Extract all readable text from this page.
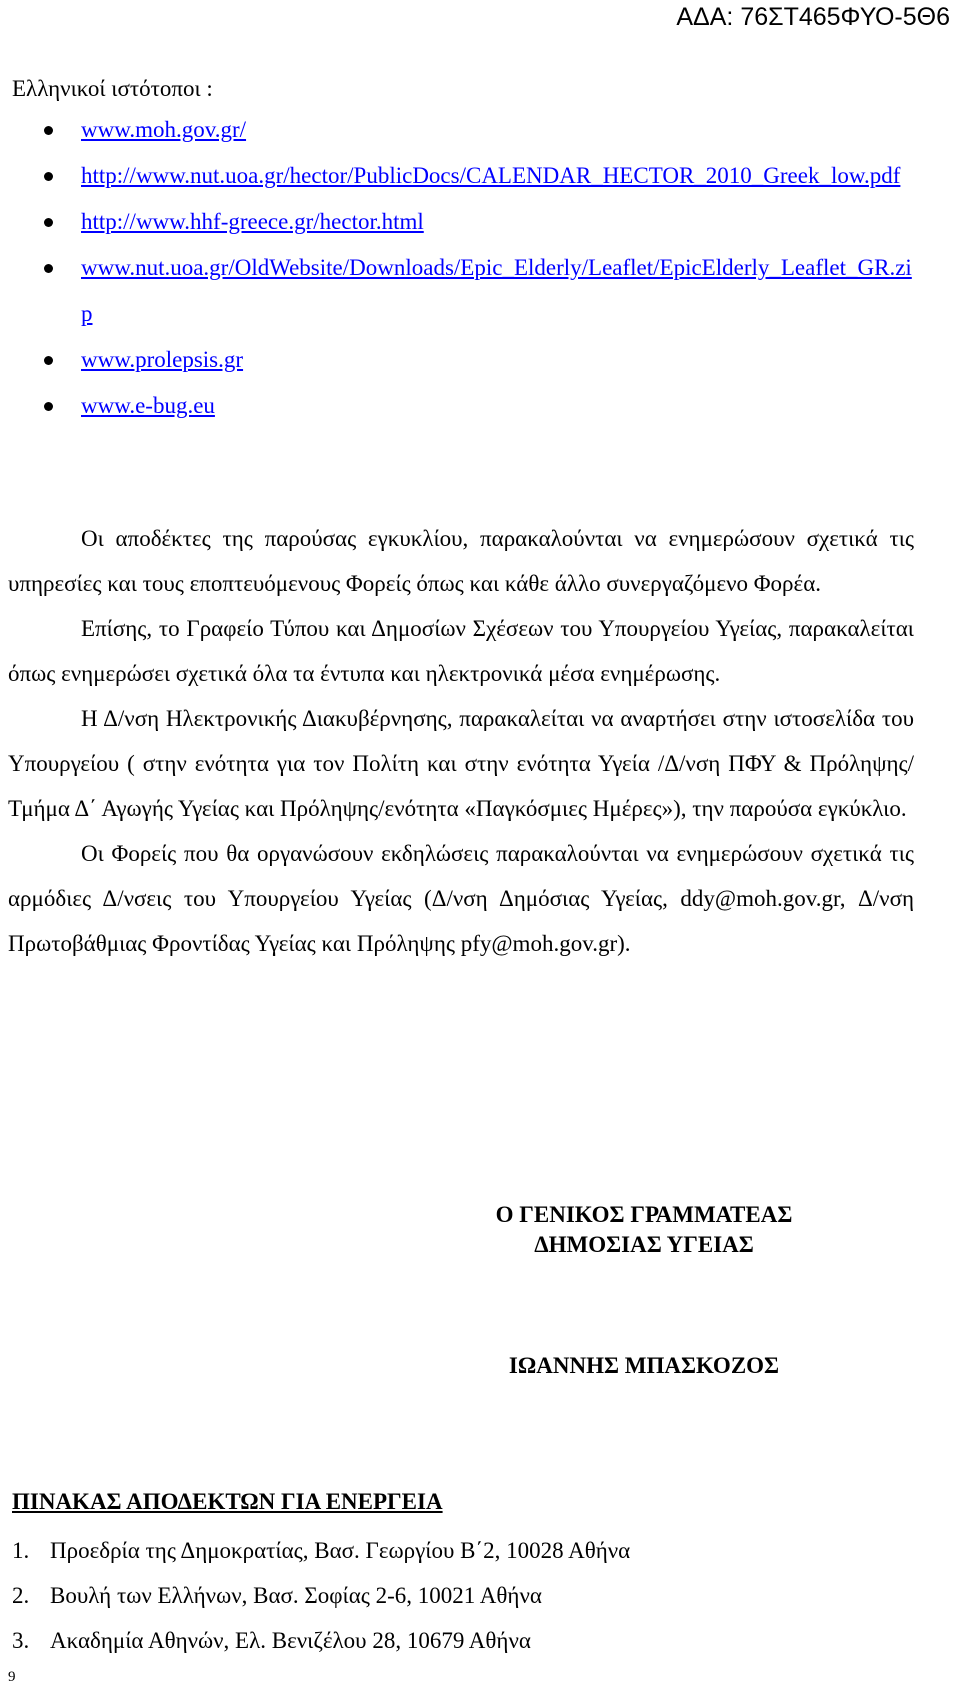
ΑΔΑ: 76ΣΤ465ΦΥΟ-5Θ6
Ελληνικοί ιστότοποι :
www.moh.gov.gr/
http://www.nut.uoa.gr/hector/PublicDocs/CALENDAR_HECTOR_2010_Greek_low.pdf
http://www.hhf-greece.gr/hector.html
www.nut.uoa.gr/OldWebsite/Downloads/Epic_Elderly/Leaflet/EpicElderly_Leaflet_GR.zip
www.prolepsis.gr
www.e-bug.eu

Οι αποδέκτες της παρούσας εγκυκλίου, παρακαλούνται να ενημερώσουν σχετικά τις υπηρεσίες και τους εποπτευόμενους Φορείς όπως και κάθε άλλο συνεργαζόμενο Φορέα.

Επίσης, το Γραφείο Τύπου και Δημοσίων Σχέσεων του Υπουργείου Υγείας, παρακαλείται όπως ενημερώσει σχετικά όλα τα έντυπα και ηλεκτρονικά μέσα ενημέρωσης.

Η Δ/νση Ηλεκτρονικής Διακυβέρνησης, παρακαλείται να αναρτήσει στην ιστοσελίδα του Υπουργείου ( στην ενότητα για τον Πολίτη και στην ενότητα Υγεία /Δ/νση ΠΦΥ & Πρόληψης/Τμήμα Δ΄ Αγωγής Υγείας και Πρόληψης/ενότητα «Παγκόσμιες Ημέρες»), την παρούσα εγκύκλιο.

Οι Φορείς που θα οργανώσουν εκδηλώσεις παρακαλούνται να ενημερώσουν σχετικά τις αρμόδιες Δ/νσεις του Υπουργείου Υγείας (Δ/νση Δημόσιας Υγείας, ddy@moh.gov.gr, Δ/νση Πρωτοβάθμιας Φροντίδας Υγείας και Πρόληψης pfy@moh.gov.gr).

Ο ΓΕΝΙΚΟΣ ΓΡΑΜΜΑΤΕΑΣ
ΔΗΜΟΣΙΑΣ ΥΓΕΙΑΣ
ΙΩΑΝΝΗΣ ΜΠΑΣΚΟΖΟΣ
ΠΙΝΑΚΑΣ ΑΠΟΔΕΚΤΩΝ ΓΙΑ ΕΝΕΡΓΕΙΑ
1. Προεδρία της Δημοκρατίας, Βασ. Γεωργίου Β΄2, 10028 Αθήνα
2. Βουλή των Ελλήνων, Βασ. Σοφίας 2-6, 10021 Αθήνα
3. Ακαδημία Αθηνών, Ελ. Βενιζέλου 28, 10679 Αθήνα
9
